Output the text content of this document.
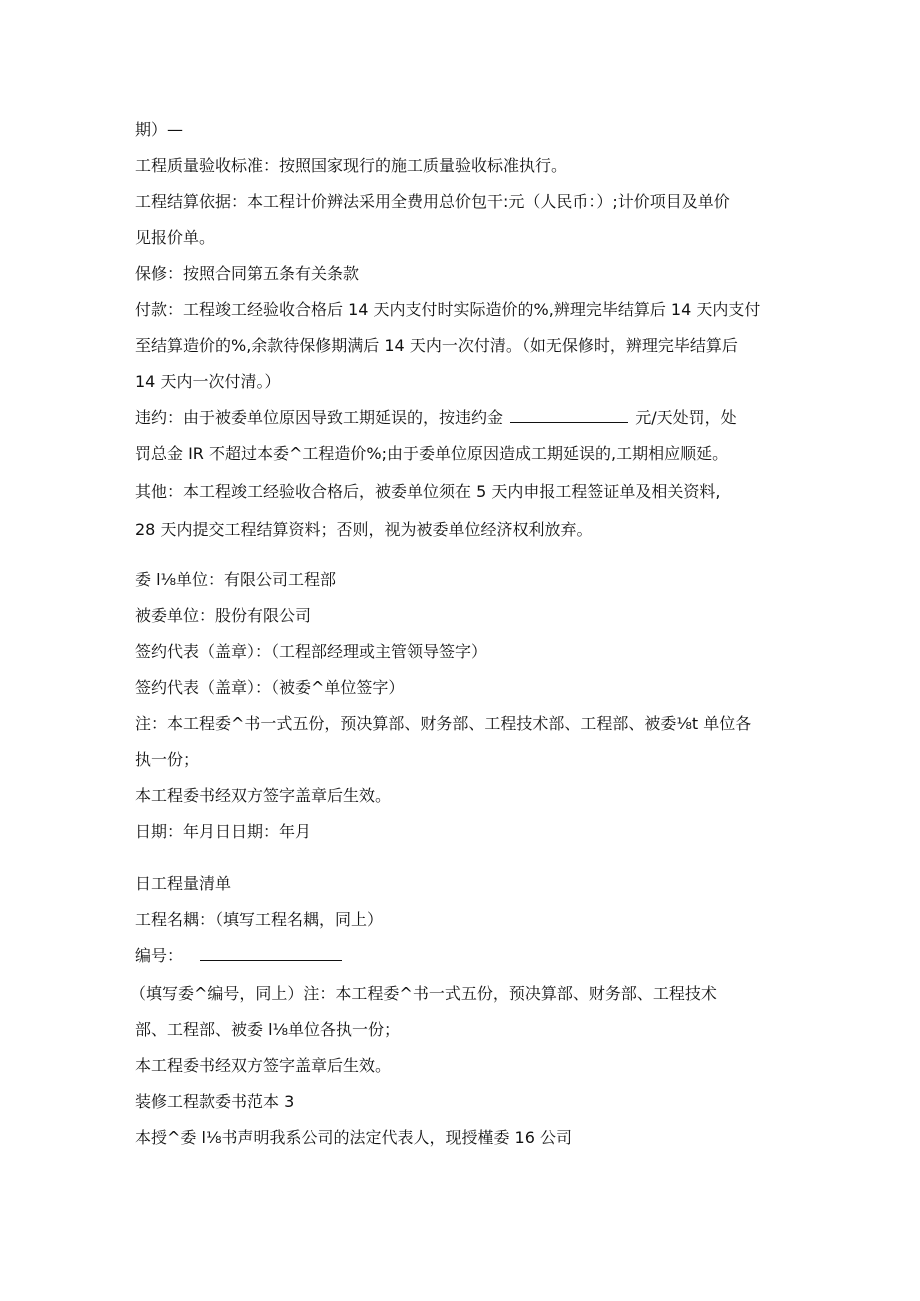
期）—
工程质量验收标准：按照国家现行的施工质量验收标准执行。
工程结算依据：本工程计价辨法采用全费用总价包干:元（人民币：）;计价项目及单价
见报价单。
保修：按照合同第五条有关条款
付款：工程竣工经验收合格后 14 天内支付时实际造价的%,辨理完毕结算后 14 天内支付
至结算造价的%,余款待保修期满后 14 天内一次付清。（如无保修时，辨理完毕结算后
14 天内一次付清。）
违约：由于被委单位原因导致工期延误的，按违约金	元/天处罚，处
罚总金 IR 不超过本委^工程造价%;由于委单位原因造成工期延误的,工期相应顺延。
其他：本工程竣工经验收合格后，被委单位须在 5 天内申报工程签证单及相关资料,
28 天内提交工程结算资料；否则，视为被委单位经济权利放弃。
委 l⅛单位：有限公司工程部
被委单位：股份有限公司
签约代表（盖章）：（工程部经理或主管领导签字）
签约代表（盖章）：（被委^单位签字）
注：本工程委^书一式五份，预决算部、财务部、工程技术部、工程部、被委⅛t 单位各
执一份；
本工程委书经双方签字盖章后生效。
日期：年月日日期：年月
日工程量清单
工程名耦：（填写工程名耦，同上）
编号：
（填写委^编号，同上）注：本工程委^书一式五份，预决算部、财务部、工程技术
部、工程部、被委 l⅛单位各执一份；
本工程委书经双方签字盖章后生效。
装修工程款委书范本 3
本授^委 l⅛书声明我系公司的法定代表人，现授槿委 16 公司
